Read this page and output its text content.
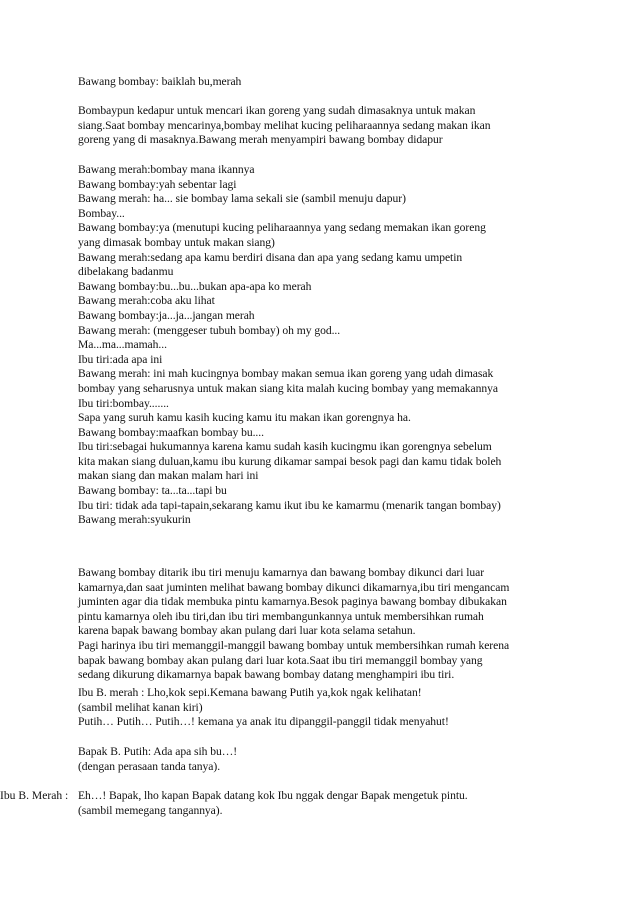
Bawang bombay: baiklah bu,merah
Bombaypun kedapur untuk mencari ikan goreng yang sudah dimasaknya untuk makan
siang.Saat bombay mencarinya,bombay melihat kucing peliharaannya sedang makan ikan
goreng yang di masaknya.Bawang merah menyampiri bawang bombay didapur
Bawang merah:bombay mana ikannya
Bawang bombay:yah sebentar lagi
Bawang merah: ha... sie bombay lama sekali sie (sambil menuju dapur)
Bombay...
Bawang bombay:ya (menutupi kucing peliharaannya yang sedang memakan ikan goreng
yang dimasak bombay untuk makan siang)
Bawang merah:sedang apa kamu berdiri disana dan apa yang sedang kamu umpetin
dibelakang badanmu
Bawang bombay:bu...bu...bukan apa-apa ko merah
Bawang merah:coba aku lihat
Bawang bombay:ja...ja...jangan merah
Bawang merah: (menggeser tubuh bombay) oh my god...
Ma...ma...mamah...
Ibu tiri:ada apa ini
Bawang merah: ini mah kucingnya bombay makan semua ikan goreng yang udah dimasak
bombay yang seharusnya untuk makan siang kita malah kucing bombay yang memakannya
Ibu tiri:bombay.......
Sapa yang suruh kamu kasih kucing kamu itu makan ikan gorengnya ha.
Bawang bombay:maafkan bombay bu....
Ibu tiri:sebagai hukumannya karena kamu sudah kasih kucingmu ikan gorengnya sebelum
kita makan siang duluan,kamu ibu kurung dikamar sampai besok pagi dan kamu tidak boleh
makan siang dan makan malam hari ini
Bawang bombay: ta...ta...tapi bu
Ibu tiri: tidak ada tapi-tapain,sekarang kamu ikut ibu ke kamarmu (menarik tangan bombay)
Bawang merah:syukurin
Bawang bombay ditarik ibu tiri menuju kamarnya dan bawang bombay dikunci dari luar
kamarnya,dan saat juminten melihat bawang bombay dikunci dikamarnya,ibu tiri mengancam
juminten agar dia tidak membuka pintu kamarnya.Besok paginya bawang bombay dibukakan
pintu kamarnya oleh ibu tiri,dan ibu tiri membangunkannya untuk membersihkan rumah
karena bapak bawang bombay akan pulang dari luar kota selama setahun.
Pagi harinya ibu tiri memanggil-manggil bawang bombay untuk membersihkan rumah kerena
bapak bawang bombay akan pulang dari luar kota.Saat ibu tiri memanggil bombay yang
sedang dikurung dikamarnya bapak bawang bombay datang menghampiri ibu tiri.
Ibu B. merah : Lho,kok sepi.Kemana bawang Putih ya,kok ngak kelihatan!
(sambil melihat kanan kiri)
Putih… Putih… Putih…! kemana ya anak itu dipanggil-panggil tidak menyahut!
Bapak B. Putih: Ada apa sih bu…!
(dengan perasaan tanda tanya).
Ibu B. Merah : Eh…! Bapak, lho kapan Bapak datang kok Ibu nggak dengar Bapak mengetuk pintu.
(sambil memegang tangannya).
